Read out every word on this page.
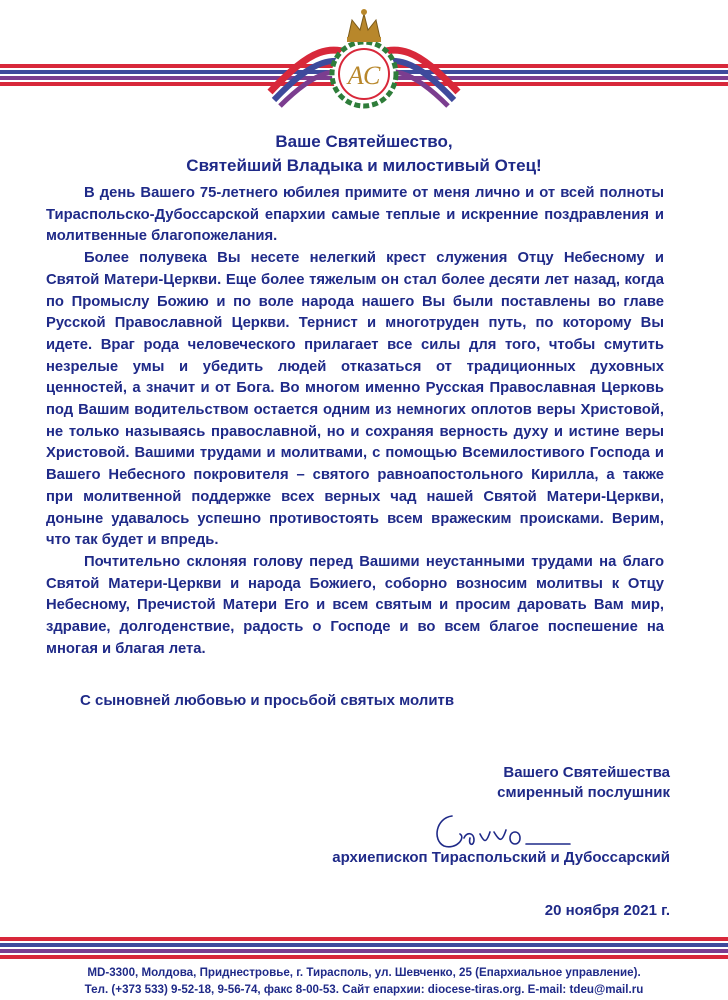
АС
Ваше Святейшество,
Святейший Владыка и милостивый Отец!

В день Вашего 75-летнего юбилея примите от меня лично и от всей полноты Тираспольско-Дубоссарской епархии самые теплые и искренние поздравления и молитвенные благопожелания.

Более полувека Вы несете нелегкий крест служения Отцу Небесному и Святой Матери-Церкви. Еще более тяжелым он стал более десяти лет назад, когда по Промыслу Божию и по воле народа нашего Вы были поставлены во главе Русской Православной Церкви. Тернист и многотруден путь, по которому Вы идете. Враг рода человеческого прилагает все силы для того, чтобы смутить незрелые умы и убедить людей отказаться от традиционных духовных ценностей, а значит и от Бога. Во многом именно Русская Православная Церковь под Вашим водительством остается одним из немногих оплотов веры Христовой, не только называясь православной, но и сохраняя верность духу и истине веры Христовой. Вашими трудами и молитвами, с помощью Всемилостивого Господа и Вашего Небесного покровителя – святого равноапостольного Кирилла, а также при молитвенной поддержке всех верных чад нашей Святой Матери-Церкви, доныне удавалось успешно противостоять всем вражеским происками. Верим, что так будет и впредь.

Почтительно склоняя голову перед Вашими неустанными трудами на благо Святой Матери-Церкви и народа Божиего, соборно возносим молитвы к Отцу Небесному, Пречистой Матери Его и всем святым и просим даровать Вам мир, здравие, долгоденствие, радость о Господе и во всем благое поспешение на многая и благая лета.

С сыновней любовью и просьбой святых молитв
Вашего Святейшества
смиренный послушник
архиепископ Тираспольский и Дубоссарский
20 ноября 2021 г.
MD-3300, Молдова, Приднестровье, г. Тирасполь, ул. Шевченко, 25 (Епархиальное управление).
Тел. (+373 533) 9-52-18, 9-56-74, факс 8-00-53. Сайт епархии: diocese-tiras.org. E-mail: tdeu@mail.ru
